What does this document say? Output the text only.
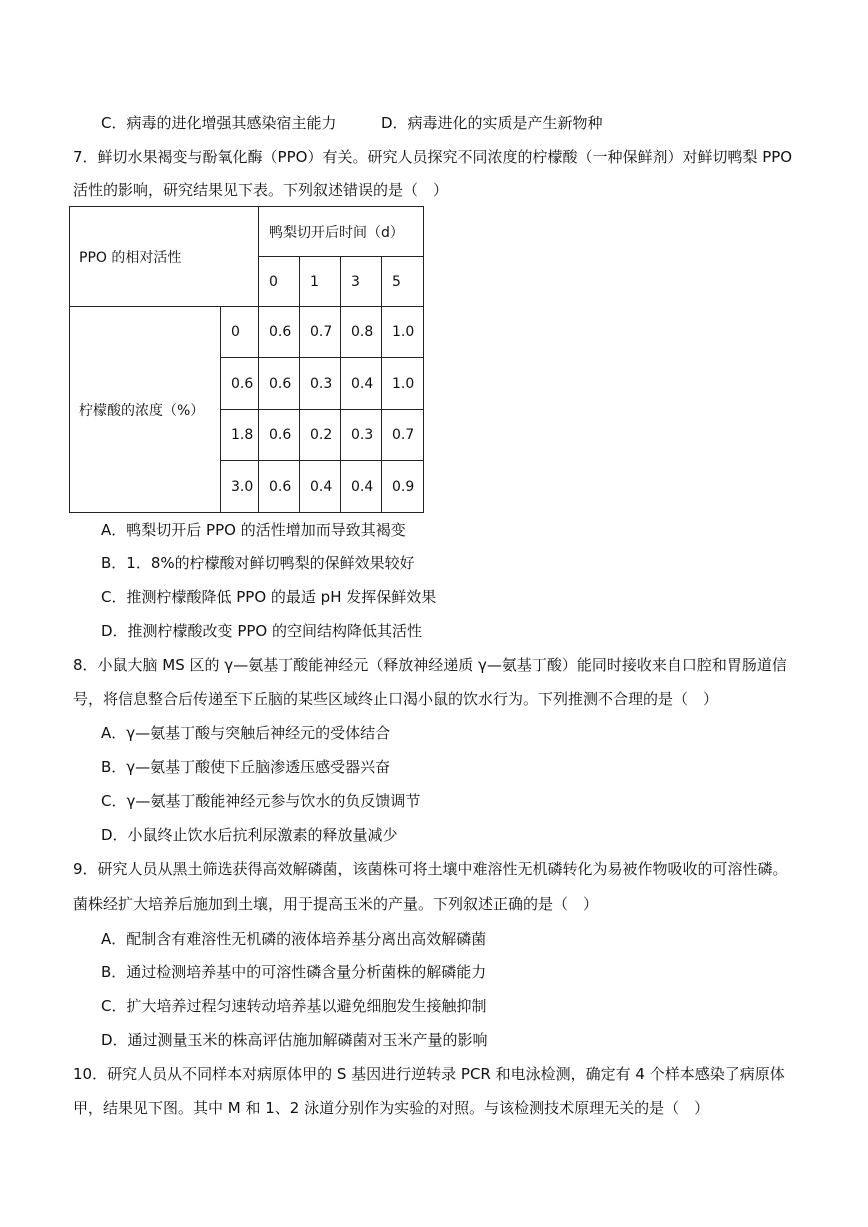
C．病毒的进化增强其感染宿主能力	D．病毒进化的实质是产生新物种
7．鲜切水果褐变与酚氧化酶（PPO）有关。研究人员探究不同浓度的柠檬酸（一种保鲜剂）对鲜切鸭梨 PPO
活性的影响，研究结果见下表。下列叙述错误的是（　）
PPO 的相对活性		鸭梨切开后时间（d）			
		0	1	3	5
柠檬酸的浓度（%）	0	0.6	0.7	0.8	1.0
	0.6	0.6	0.3	0.4	1.0
	1.8	0.6	0.2	0.3	0.7
	3.0	0.6	0.4	0.4	0.9
A．鸭梨切开后 PPO 的活性增加而导致其褐变
B．1．8%的柠檬酸对鲜切鸭梨的保鲜效果较好
C．推测柠檬酸降低 PPO 的最适 pH 发挥保鲜效果
D．推测柠檬酸改变 PPO 的空间结构降低其活性
8．小鼠大脑 MS 区的 γ—氨基丁酸能神经元（释放神经递质 γ—氨基丁酸）能同时接收来自口腔和胃肠道信
号，将信息整合后传递至下丘脑的某些区域终止口渴小鼠的饮水行为。下列推测不合理的是（　）
A．γ—氨基丁酸与突触后神经元的受体结合
B．γ—氨基丁酸使下丘脑渗透压感受器兴奋
C．γ—氨基丁酸能神经元参与饮水的负反馈调节
D．小鼠终止饮水后抗利尿激素的释放量减少
9．研究人员从黑土筛选获得高效解磷菌，该菌株可将土壤中难溶性无机磷转化为易被作物吸收的可溶性磷。
菌株经扩大培养后施加到土壤，用于提高玉米的产量。下列叙述正确的是（　）
A．配制含有难溶性无机磷的液体培养基分离出高效解磷菌
B．通过检测培养基中的可溶性磷含量分析菌株的解磷能力
C．扩大培养过程匀速转动培养基以避免细胞发生接触抑制
D．通过测量玉米的株高评估施加解磷菌对玉米产量的影响
10．研究人员从不同样本对病原体甲的 S 基因进行逆转录 PCR 和电泳检测，确定有 4 个样本感染了病原体
甲，结果见下图。其中 M 和 1、2 泳道分别作为实验的对照。与该检测技术原理无关的是（　）
